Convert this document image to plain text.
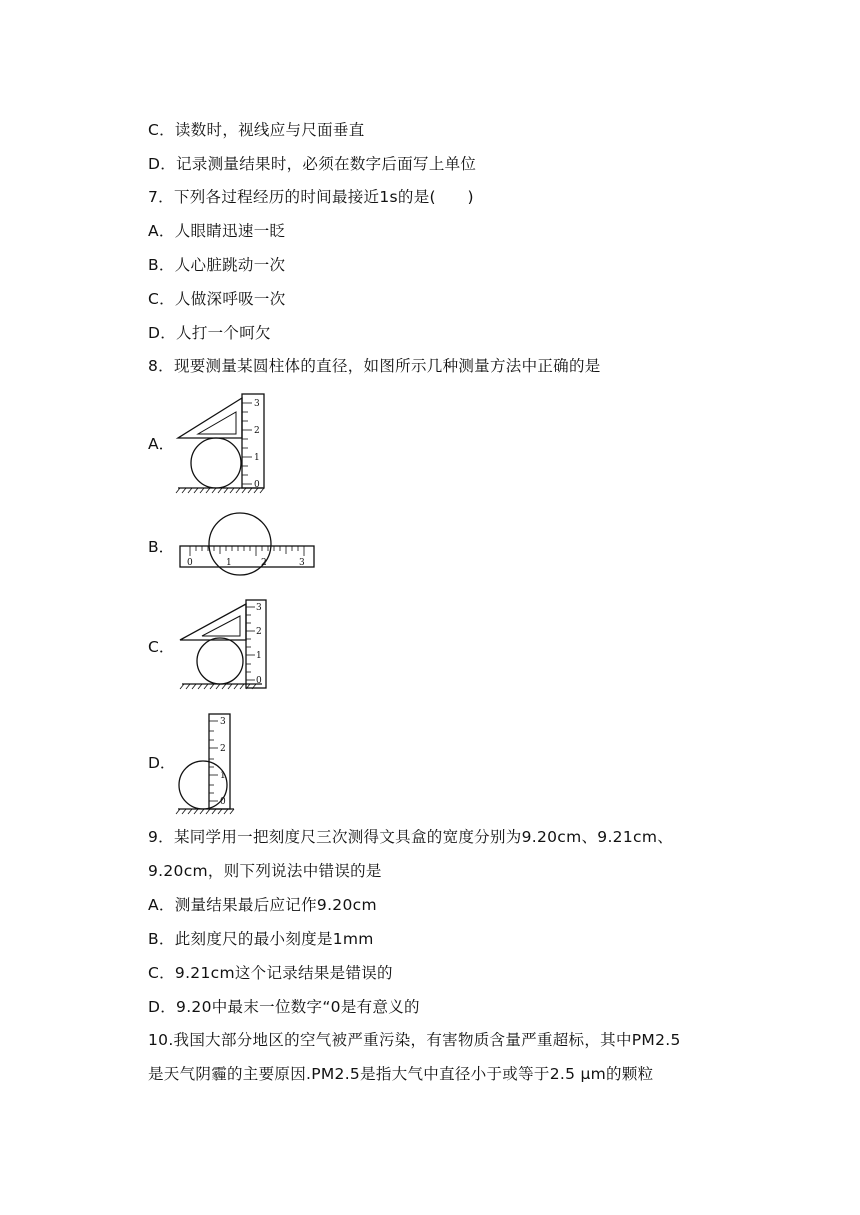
C．读数时，视线应与尺面垂直
D．记录测量结果时，必须在数字后面写上单位
7．下列各过程经历的时间最接近1s的是(　　)
A．人眼睛迅速一眨
B．人心脏跳动一次
C．人做深呼吸一次
D．人打一个呵欠
8．现要测量某圆柱体的直径，如图所示几种测量方法中正确的是
A．
0
1
2
3
B．
0	1	2	3
C．
0
1
2
3
D．
0
1
2
3
9．某同学用一把刻度尺三次测得文具盒的宽度分别为9.20cm、9.21cm、
9.20cm，则下列说法中错误的是
A．测量结果最后应记作9.20cm
B．此刻度尺的最小刻度是1mm
C．9.21cm这个记录结果是错误的
D．9.20中最末一位数字“0是有意义的
10.我国大部分地区的空气被严重污染，有害物质含量严重超标，其中PM2.5
是天气阴霾的主要原因.PM2.5是指大气中直径小于或等于2.5 μm的颗粒
